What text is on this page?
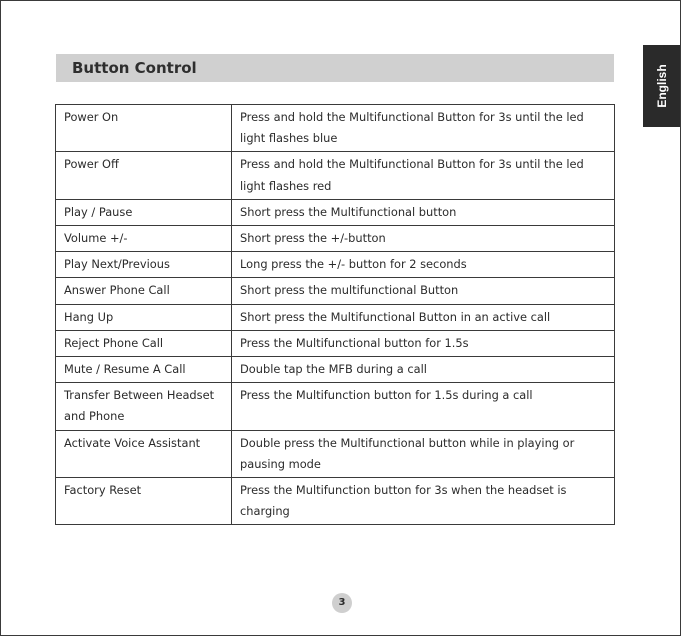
English
Button Control
Power On	Press and hold the Multifunctional Button for 3s until the led light flashes blue
Power Off	Press and hold the Multifunctional Button for 3s until the led light flashes red
Play / Pause	Short press the Multifunctional button
Volume +/-	Short press the +/-button
Play Next/Previous	Long press the +/- button for 2 seconds
Answer Phone Call	Short press the multifunctional Button
Hang Up	Short press the Multifunctional Button in an active call
Reject Phone Call	Press the Multifunctional button for 1.5s
Mute / Resume A Call	Double tap the MFB during a call
Transfer Between Headset and Phone	Press the Multifunction button for 1.5s during a call
Activate Voice Assistant	Double press the Multifunctional button while in playing or pausing mode
Factory Reset	Press the Multifunction button for 3s when the headset is charging
3
